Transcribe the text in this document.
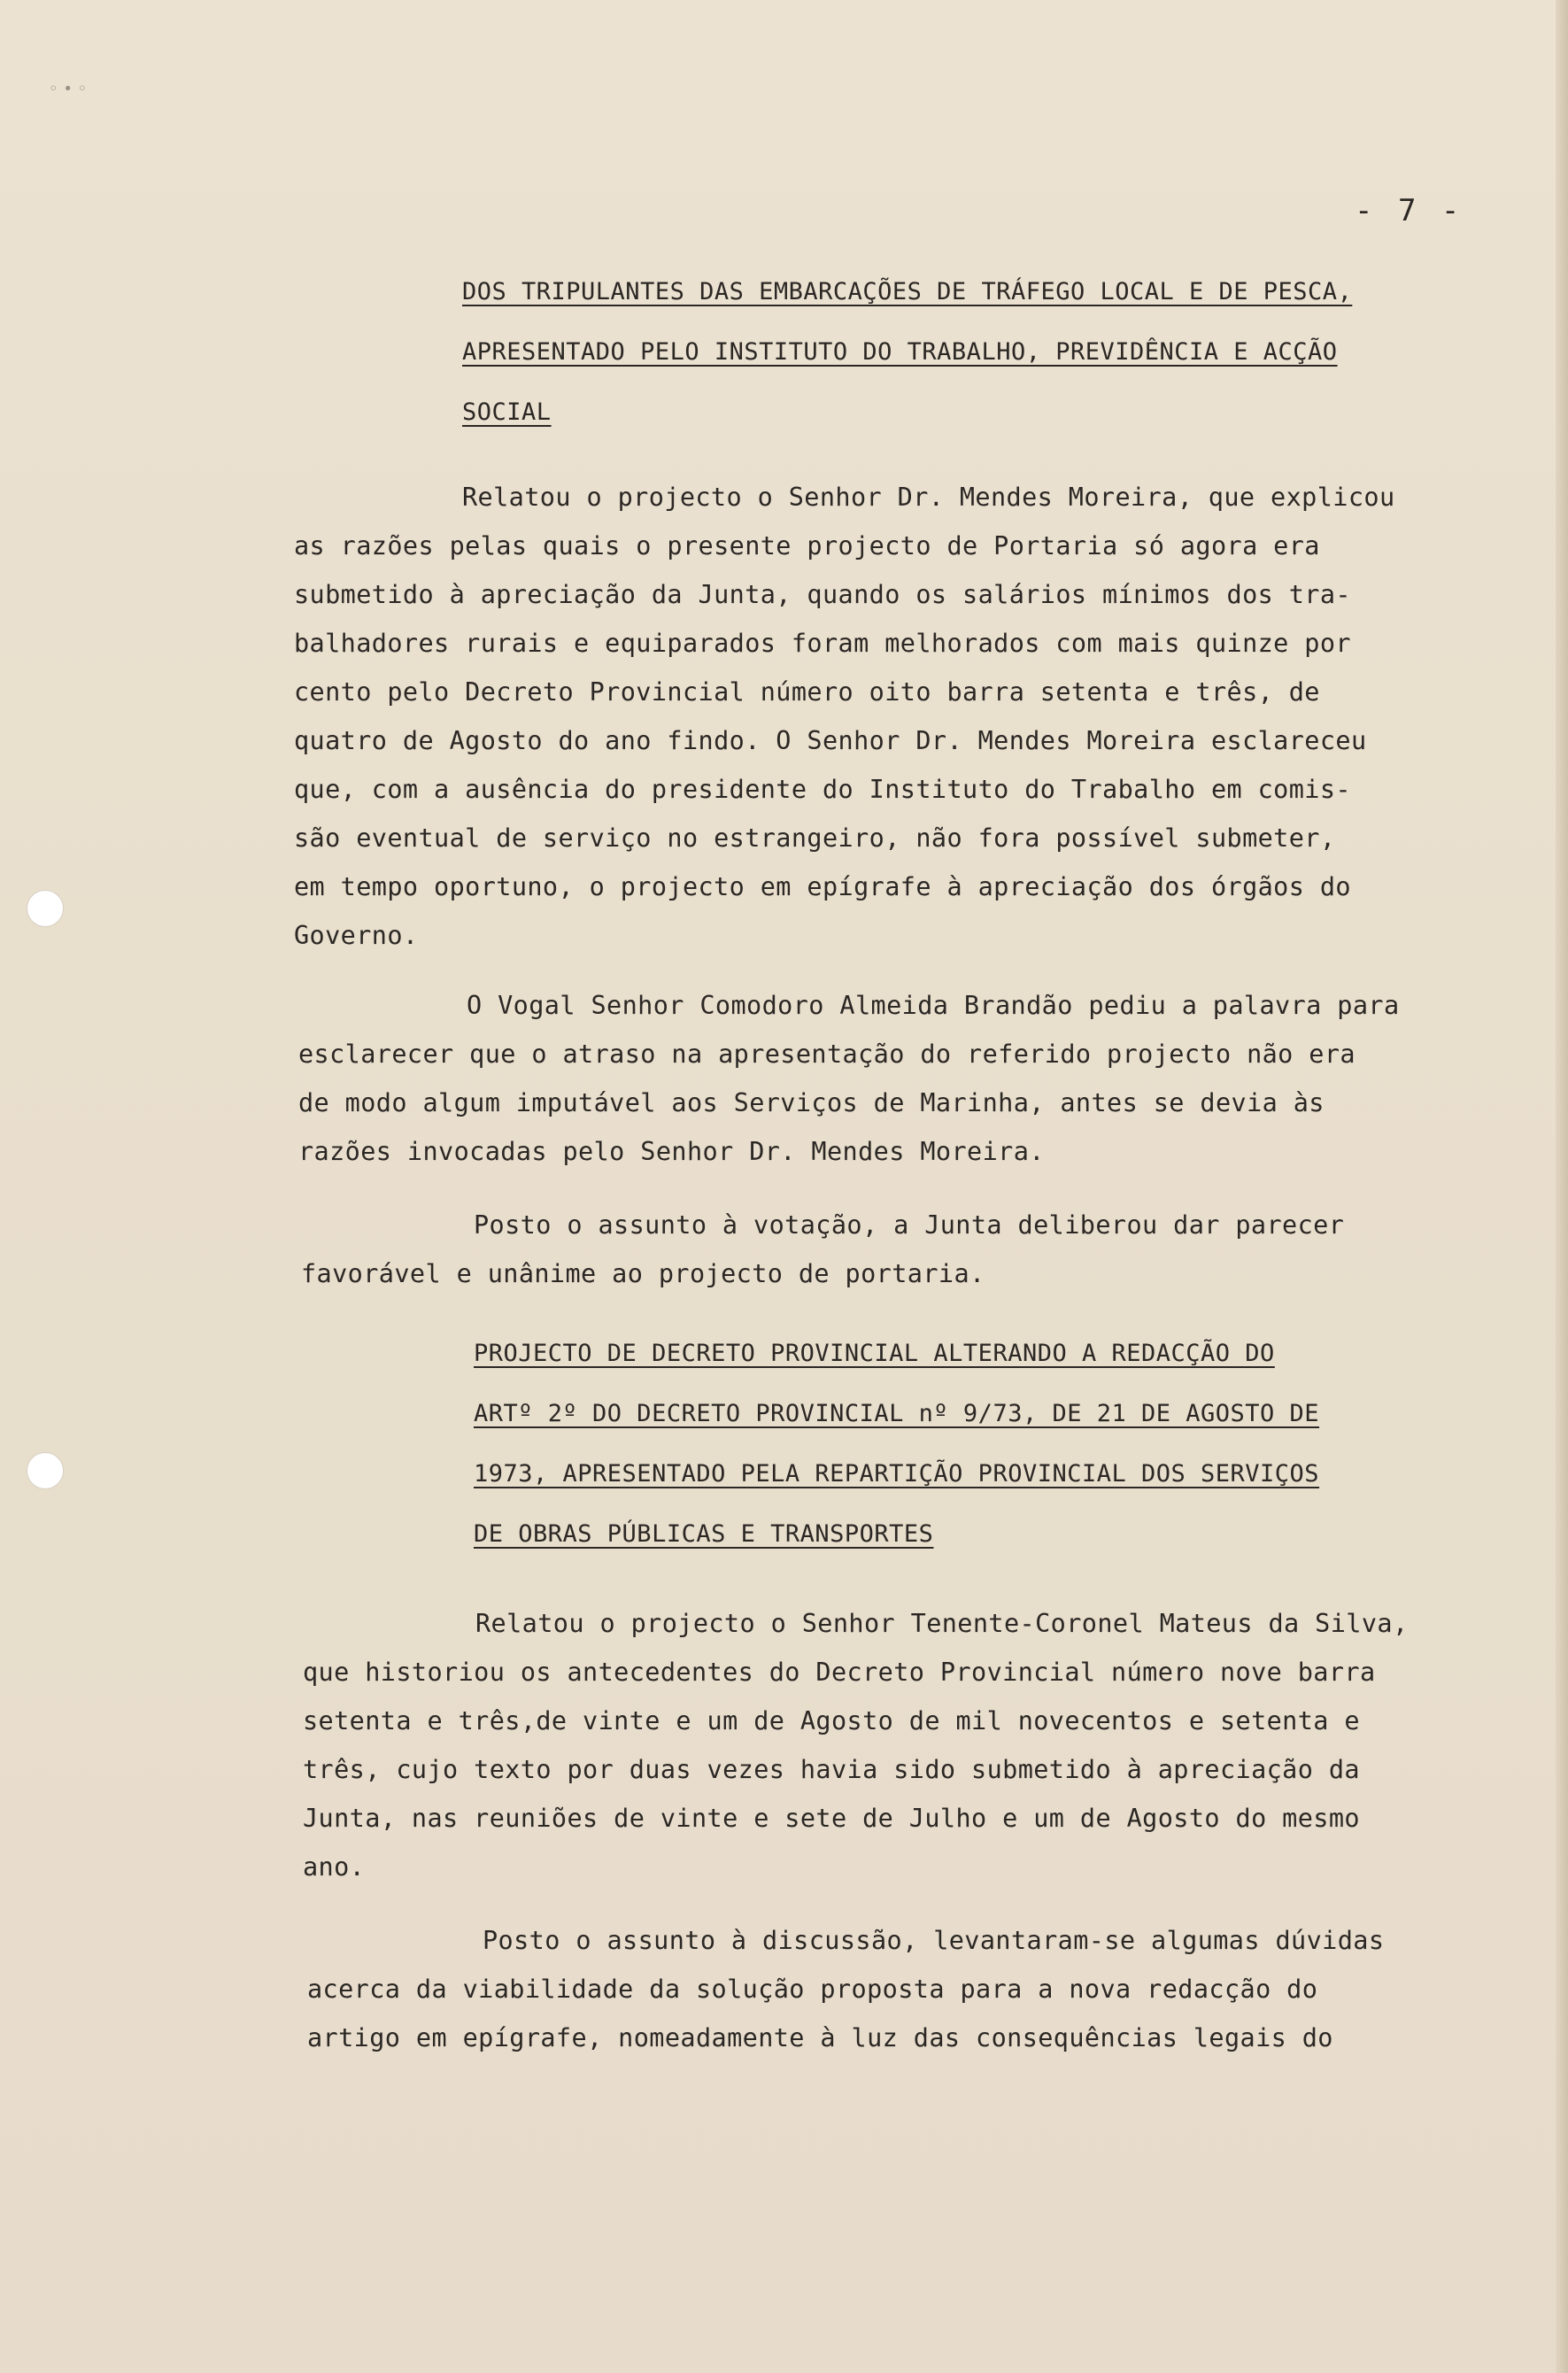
◦ • ◦
- 7 -
DOS TRIPULANTES DAS EMBARCAÇÕES DE TRÁFEGO LOCAL E DE PESCA,
APRESENTADO PELO INSTITUTO DO TRABALHO, PREVIDÊNCIA E ACÇÃO
SOCIAL
Relatou o projecto o Senhor Dr. Mendes Moreira, que explicou
as razões pelas quais o presente projecto de Portaria só agora era
submetido à apreciação da Junta, quando os salários mínimos dos tra-
balhadores rurais e equiparados foram melhorados com mais quinze por
cento pelo Decreto Provincial número oito barra setenta e três, de
quatro de Agosto do ano findo. O Senhor Dr. Mendes Moreira esclareceu
que, com a ausência do presidente do Instituto do Trabalho em comis-
são eventual de serviço no estrangeiro, não fora possível submeter,
em tempo oportuno, o projecto em epígrafe à apreciação dos órgãos do
Governo.
O Vogal Senhor Comodoro Almeida Brandão pediu a palavra para
esclarecer que o atraso na apresentação do referido projecto não era
de modo algum imputável aos Serviços de Marinha, antes se devia às
razões invocadas pelo Senhor Dr. Mendes Moreira.
Posto o assunto à votação, a Junta deliberou dar parecer
favorável e unânime ao projecto de portaria.
PROJECTO DE DECRETO PROVINCIAL ALTERANDO A REDACÇÃO DO
ARTº 2º DO DECRETO PROVINCIAL nº 9/73, DE 21 DE AGOSTO DE
1973, APRESENTADO PELA REPARTIÇÃO PROVINCIAL DOS SERVIÇOS
DE OBRAS PÚBLICAS E TRANSPORTES
Relatou o projecto o Senhor Tenente-Coronel Mateus da Silva,
que historiou os antecedentes do Decreto Provincial número nove barra
setenta e três,de vinte e um de Agosto de mil novecentos e setenta e
três, cujo texto por duas vezes havia sido submetido à apreciação da
Junta, nas reuniões de vinte e sete de Julho e um de Agosto do mesmo
ano.
Posto o assunto à discussão, levantaram-se algumas dúvidas
acerca da viabilidade da solução proposta para a nova redacção do
artigo em epígrafe, nomeadamente à luz das consequências legais do
